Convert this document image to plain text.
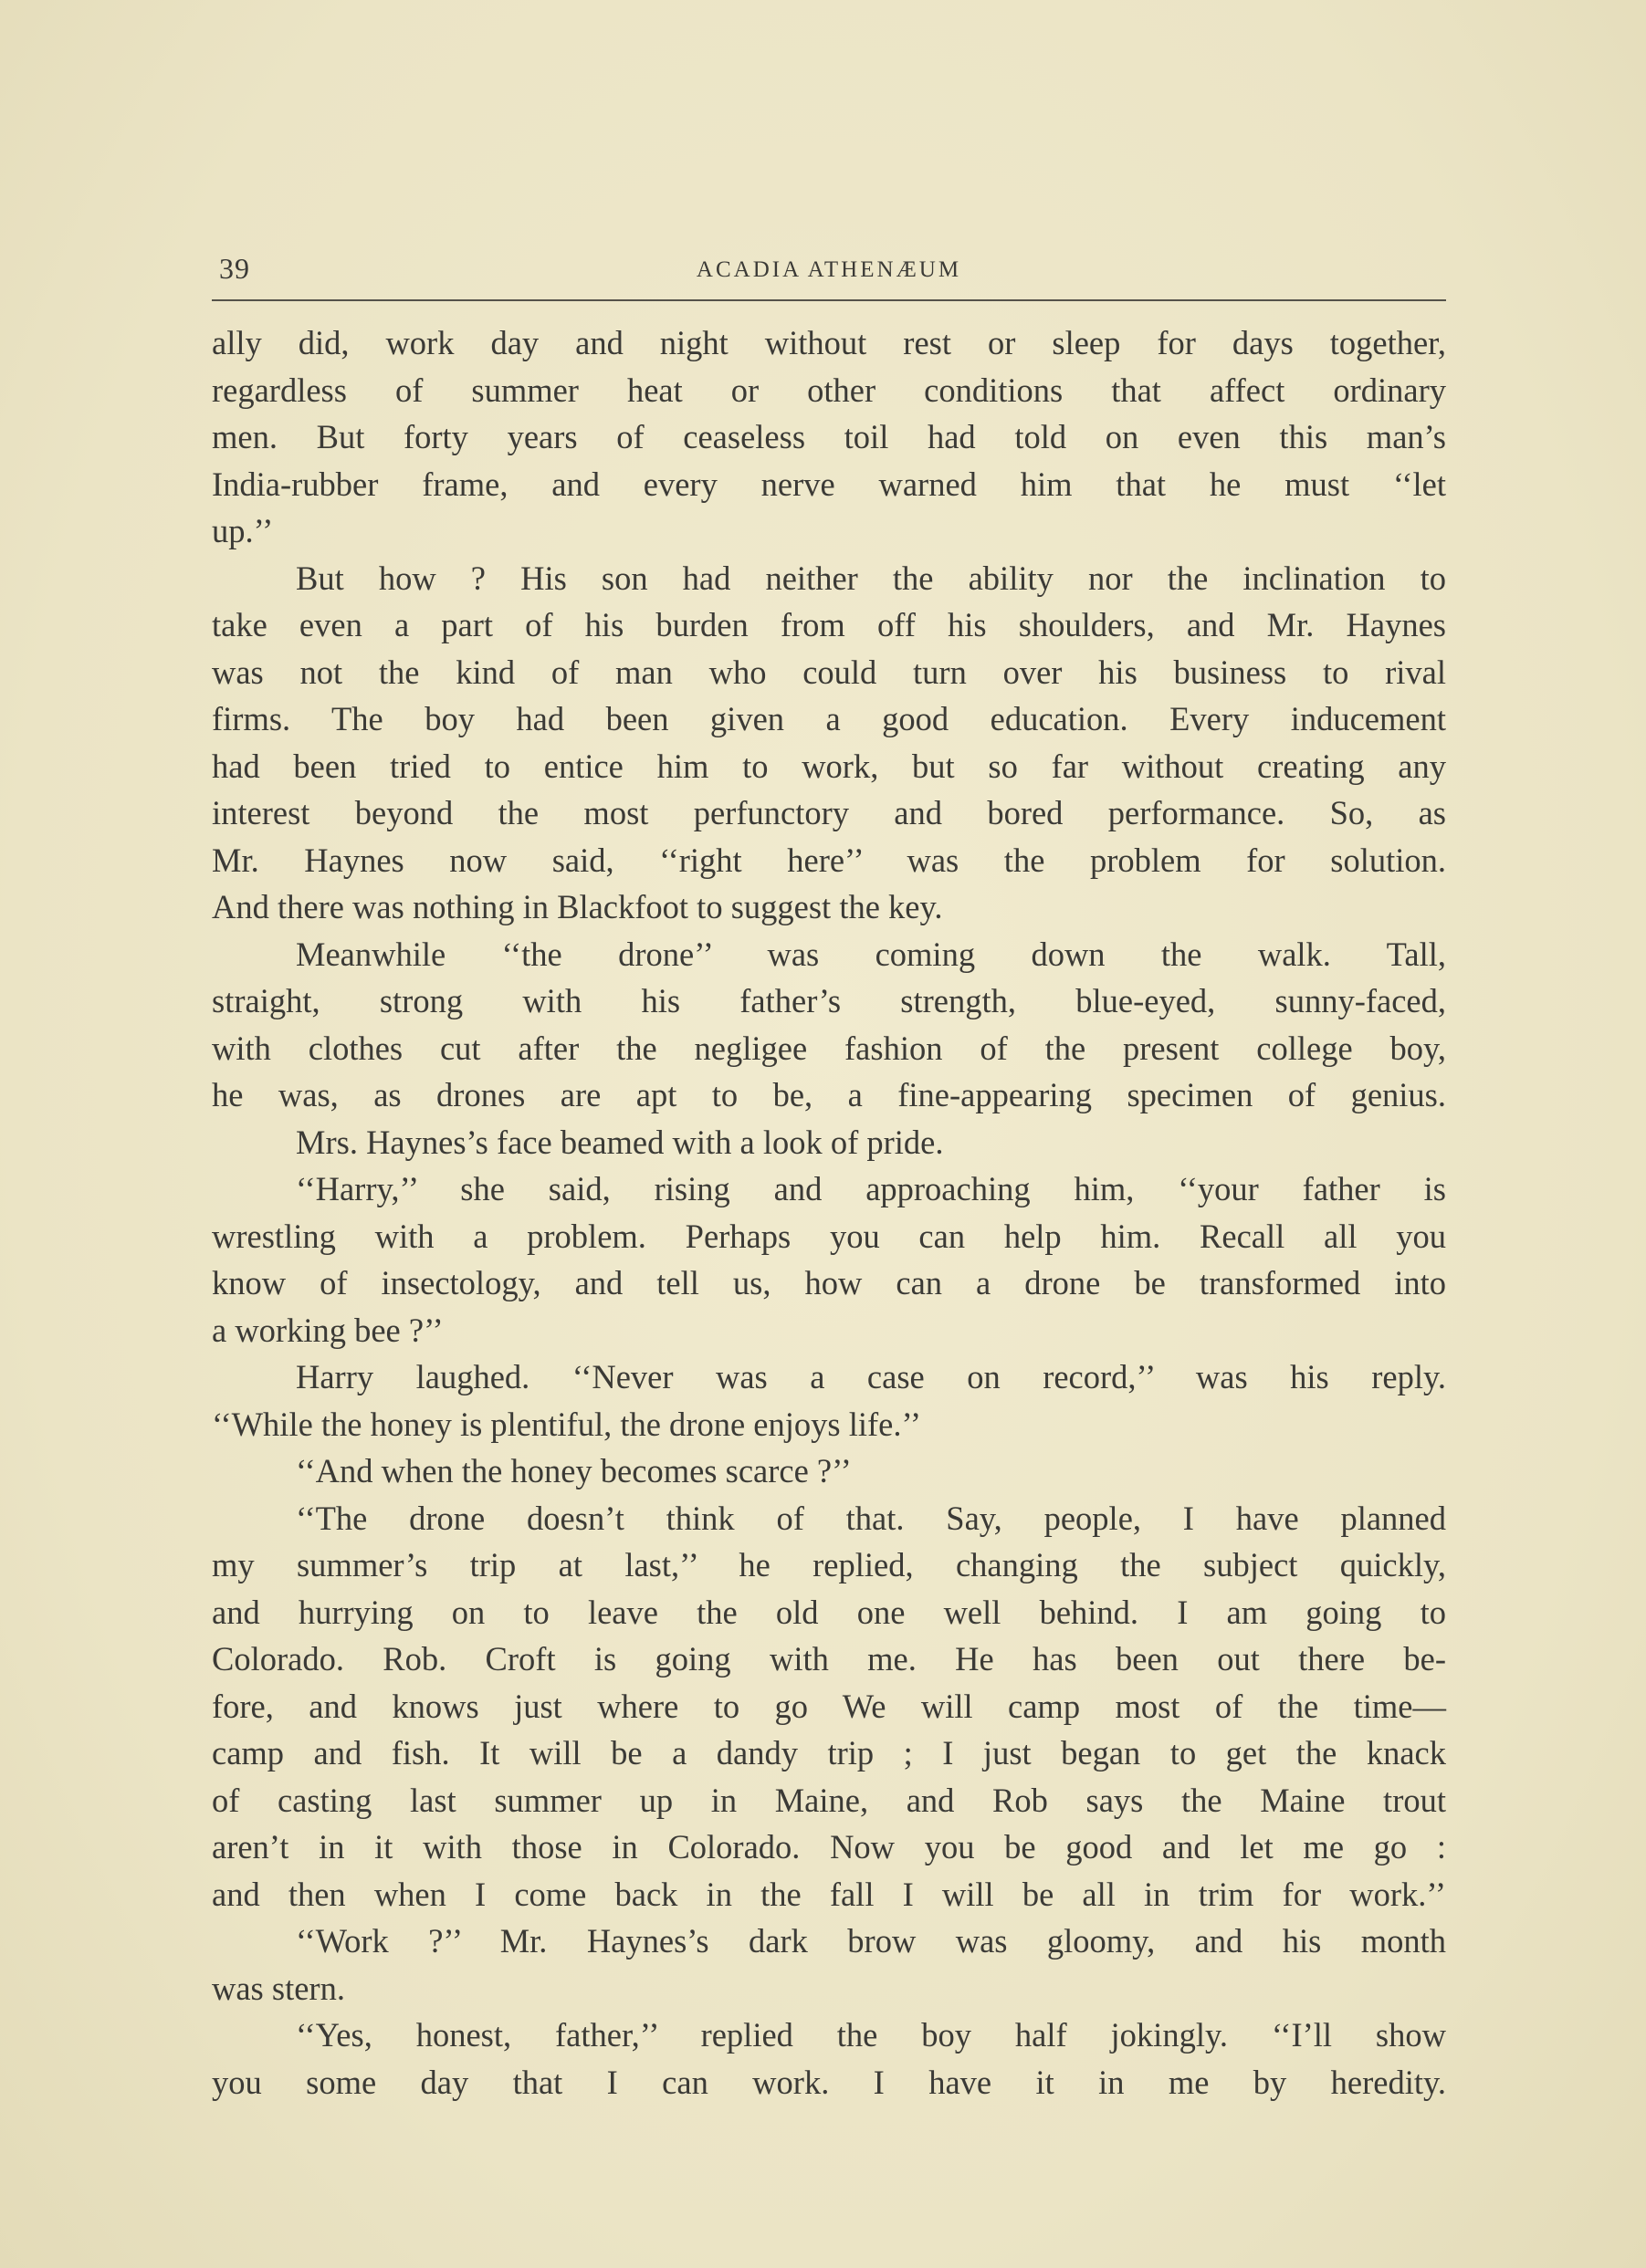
39	ACADIA ATHENÆUM
ally did, work day and night without rest or sleep for days together,
regardless of summer heat or other conditions that affect ordinary
men. But forty years of ceaseless toil had told on even this man’s
India-rubber frame, and every nerve warned him that he must ‘‘let
up.’’
But how ? His son had neither the ability nor the inclination to
take even a part of his burden from off his shoulders, and Mr. Haynes
was not the kind of man who could turn over his business to rival
firms. The boy had been given a good education. Every inducement
had been tried to entice him to work, but so far without creating any
interest beyond the most perfunctory and bored performance. So, as
Mr. Haynes now said, ‘‘right here’’ was the problem for solution.
And there was nothing in Blackfoot to suggest the key.
Meanwhile ‘‘the drone’’ was coming down the walk. Tall,
straight, strong with his father’s strength, blue-eyed, sunny-faced,
with clothes cut after the negligee fashion of the present college boy,
he was, as drones are apt to be, a fine-appearing specimen of genius.
Mrs. Haynes’s face beamed with a look of pride.
‘‘Harry,’’ she said, rising and approaching him, ‘‘your father is
wrestling with a problem. Perhaps you can help him. Recall all you
know of insectology, and tell us, how can a drone be transformed into
a working bee ?’’
Harry laughed. ‘‘Never was a case on record,’’ was his reply.
‘‘While the honey is plentiful, the drone enjoys life.’’
‘‘And when the honey becomes scarce ?’’
‘‘The drone doesn’t think of that. Say, people, I have planned
my summer’s trip at last,’’ he replied, changing the subject quickly,
and hurrying on to leave the old one well behind. I am going to
Colorado. Rob. Croft is going with me. He has been out there be-
fore, and knows just where to go We will camp most of the time—
camp and fish. It will be a dandy trip ; I just began to get the knack
of casting last summer up in Maine, and Rob says the Maine trout
aren’t in it with those in Colorado. Now you be good and let me go :
and then when I come back in the fall I will be all in trim for work.’’
‘‘Work ?’’ Mr. Haynes’s dark brow was gloomy, and his month
was stern.
‘‘Yes, honest, father,’’ replied the boy half jokingly. ‘‘I’ll show
you some day that I can work. I have it in me by heredity.
